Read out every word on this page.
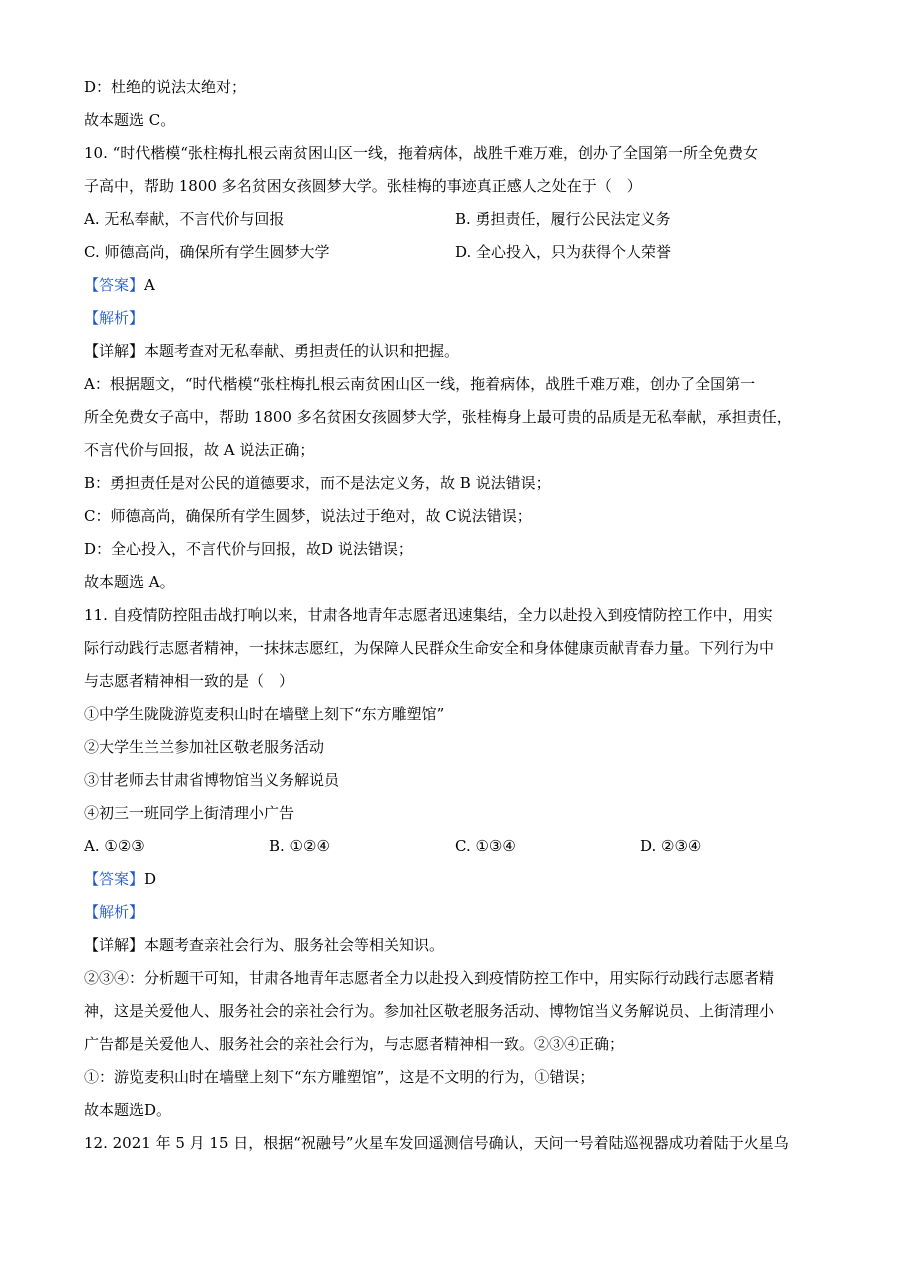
D：杜绝的说法太绝对；
故本题选 C。
10. “时代楷模“张柱梅扎根云南贫困山区一线，拖着病体，战胜千难万难，创办了全国第一所全免费女
子高中，帮助 1800 多名贫困女孩圆梦大学。张桂梅的事迹真正感人之处在于（　）
A. 无私奉献，不言代价与回报	B. 勇担责任，履行公民法定义务
C. 师德高尚，确保所有学生圆梦大学	D. 全心投入，只为获得个人荣誉
【答案】A
【解析】
【详解】本题考查对无私奉献、勇担责任的认识和把握。
A：根据题文，“时代楷模“张柱梅扎根云南贫困山区一线，拖着病体，战胜千难万难，创办了全国第一
所全免费女子高中，帮助 1800 多名贫困女孩圆梦大学，张桂梅身上最可贵的品质是无私奉献，承担责任，
不言代价与回报，故 A 说法正确；
B：勇担责任是对公民的道德要求，而不是法定义务，故 B 说法错误；
C：师德高尚，确保所有学生圆梦，说法过于绝对，故 C说法错误；
D：全心投入，不言代价与回报，故D 说法错误；
故本题选 A。
11. 自疫情防控阻击战打响以来，甘肃各地青年志愿者迅速集结，全力以赴投入到疫情防控工作中，用实
际行动践行志愿者精神，一抹抹志愿红，为保障人民群众生命安全和身体健康贡献青春力量。下列行为中
与志愿者精神相一致的是（　）
①中学生陇陇游览麦积山时在墙壁上刻下“东方雕塑馆”
②大学生兰兰参加社区敬老服务活动
③甘老师去甘肃省博物馆当义务解说员
④初三一班同学上街清理小广告
A. ①②③	B. ①②④	C. ①③④	D. ②③④
【答案】D
【解析】
【详解】本题考查亲社会行为、服务社会等相关知识。
②③④：分析题干可知，甘肃各地青年志愿者全力以赴投入到疫情防控工作中，用实际行动践行志愿者精
神，这是关爱他人、服务社会的亲社会行为。参加社区敬老服务活动、博物馆当义务解说员、上街清理小
广告都是关爱他人、服务社会的亲社会行为，与志愿者精神相一致。②③④正确；
①：游览麦积山时在墙壁上刻下“东方雕塑馆”，这是不文明的行为，①错误；
故本题选D。
12. 2021 年 5 月 15 日，根据“祝融号”火星车发回遥测信号确认，天问一号着陆巡视器成功着陆于火星乌
